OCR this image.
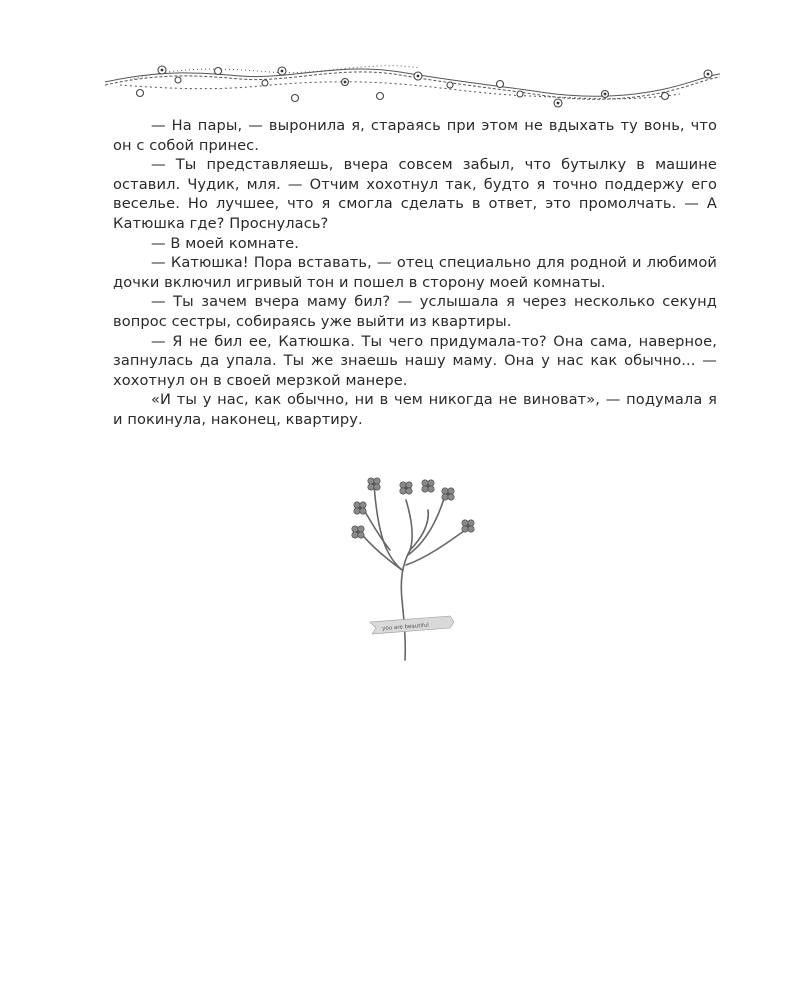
— На пары, — выронила я, стараясь при этом не вдыхать ту вонь, что он с собой принес.

— Ты представляешь, вчера совсем забыл, что бутылку в машине оставил. Чудик, мля. — Отчим хохотнул так, будто я точно поддержу его веселье. Но лучшее, что я смогла сделать в ответ, это промолчать. — А Катюшка где? Проснулась?

— В моей комнате.

— Катюшка! Пора вставать, — отец специально для родной и любимой дочки включил игривый тон и пошел в сторону моей комнаты.

— Ты зачем вчера маму бил? — услышала я через несколько секунд вопрос сестры, собираясь уже выйти из квартиры.

— Я не бил ее, Катюшка. Ты чего придумала-то? Она сама, наверное, запнулась да упала. Ты же знаешь нашу маму. Она у нас как обычно... — хохотнул он в своей мерзкой манере.

«И ты у нас, как обычно, ни в чем никогда не виноват», — подумала я и покинула, наконец, квартиру.

you are beautiful
